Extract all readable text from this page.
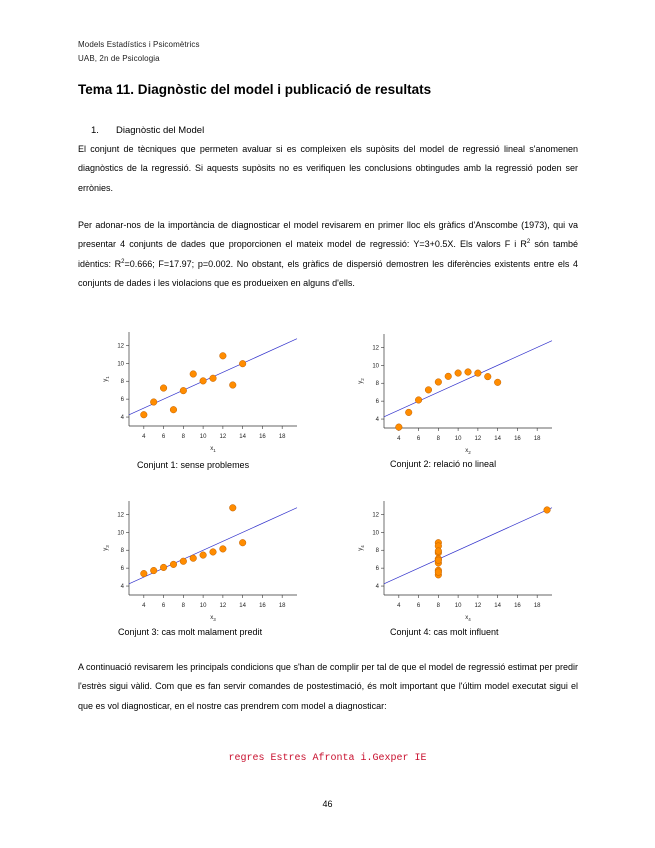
Models Estadístics i Psicomètrics
UAB, 2n de Psicologia
Tema 11. Diagnòstic del model i publicació de resultats
1. Diagnòstic del Model

El conjunt de tècniques que permeten avaluar si es compleixen els supòsits del model de regressió lineal s'anomenen diagnòstics de la regressió. Si aquests supòsits no es verifiquen les conclusions obtingudes amb la regressió poden ser errònies.

Per adonar-nos de la importància de diagnosticar el model revisarem en primer lloc els gràfics d'Anscombe (1973), qui va presentar 4 conjunts de dades que proporcionen el mateix model de regressió: Y=3+0.5X. Els valors F i $R^2$ són també idèntics: $R^2=0.666$; F=17.97; p=0.002. No obstant, els gràfics de dispersió demostren les diferències existents entre els 4 conjunts de dades i les violacions que es produeixen en alguns d'ells.

4	6	8 10 12 14 16 18
4
6
8
10
12
$x_1$
$y_1$
Conjunt 1: sense problemes
4	6	8 10 12 14 16 18
4
6
8
10
12
$x_2$
$y_2$
Conjunt 2: relació no lineal
4	6	8 10 12 14 16 18
4
6
8
10
12
$x_3$
$y_3$
Conjunt 3: cas molt malament predit
4	6	8 10 12 14 16 18
4
6
8
10
12
$x_4$
$y_4$
Conjunt 4: cas molt influent

A continuació revisarem les principals condicions que s'han de complir per tal de que el model de regressió estimat per predir l'estrès sigui vàlid. Com que es fan servir comandes de postestimació, és molt important que l'últim model executat sigui el que es vol diagnosticar, en el nostre cas prendrem com model a diagnosticar:

regres Estres Afronta i.Gexper IE
46
